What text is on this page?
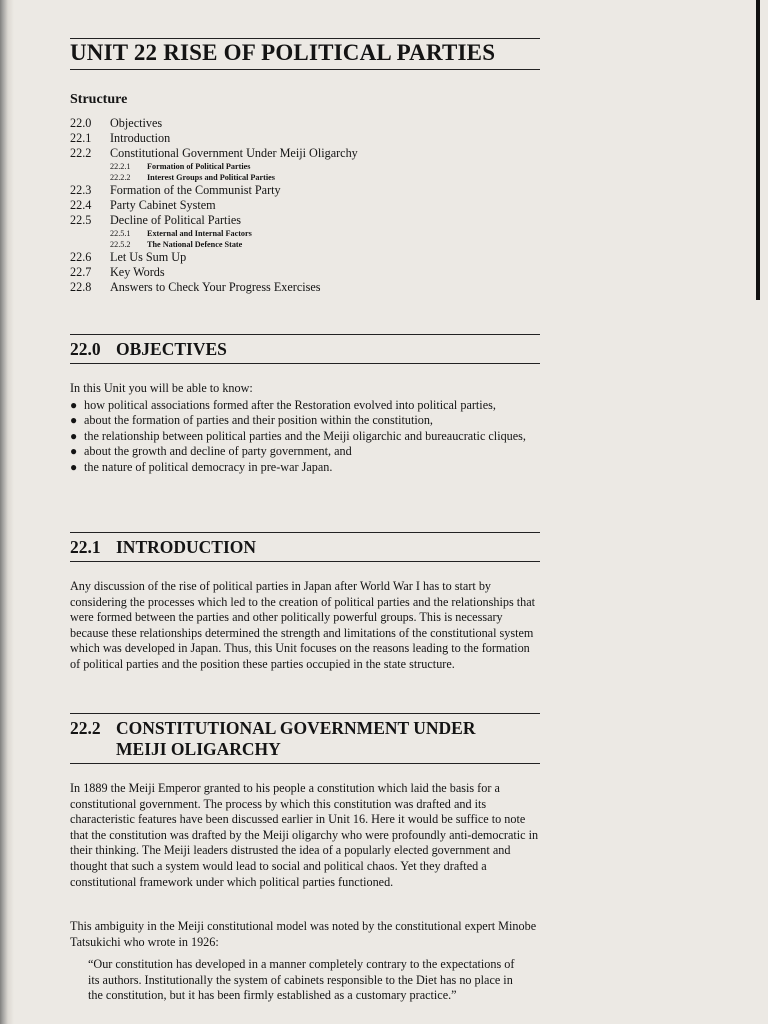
UNIT 22 RISE OF POLITICAL PARTIES
Structure
22.0	Objectives
22.1	Introduction
22.2	Constitutional Government Under Meiji Oligarchy
22.2.1	Formation of Political Parties
22.2.2	Interest Groups and Political Parties
22.3	Formation of the Communist Party
22.4	Party Cabinet System
22.5	Decline of Political Parties
22.5.1	External and Internal Factors
22.5.2	The National Defence State
22.6	Let Us Sum Up
22.7	Key Words
22.8	Answers to Check Your Progress Exercises
22.0 OBJECTIVES
In this Unit you will be able to know:
● how political associations formed after the Restoration evolved into political parties,
● about the formation of parties and their position within the constitution,
● the relationship between political parties and the Meiji oligarchic and bureaucratic cliques,
● about the growth and decline of party government, and
● the nature of political democracy in pre-war Japan.
22.1 INTRODUCTION

Any discussion of the rise of political parties in Japan after World War I has to start by considering the processes which led to the creation of political parties and the relationships that were formed between the parties and other politically powerful groups. This is necessary because these relationships determined the strength and limitations of the constitutional system which was developed in Japan. Thus, this Unit focuses on the reasons leading to the formation of political parties and the position these parties occupied in the state structure.

22.2 CONSTITUTIONAL GOVERNMENT UNDER
MEIJI OLIGARCHY

In 1889 the Meiji Emperor granted to his people a constitution which laid the basis for a constitutional government. The process by which this constitution was drafted and its characteristic features have been discussed earlier in Unit 16. Here it would be suffice to note that the constitution was drafted by the Meiji oligarchy who were profoundly anti-democratic in their thinking. The Meiji leaders distrusted the idea of a popularly elected government and thought that such a system would lead to social and political chaos. Yet they drafted a constitutional framework under which political parties functioned.

This ambiguity in the Meiji constitutional model was noted by the constitutional expert Minobe Tatsukichi who wrote in 1926:

“Our constitution has developed in a manner completely contrary to the expectations of its authors. Institutionally the system of cabinets responsible to the Diet has no place in the constitution, but it has been firmly established as a customary practice.”
